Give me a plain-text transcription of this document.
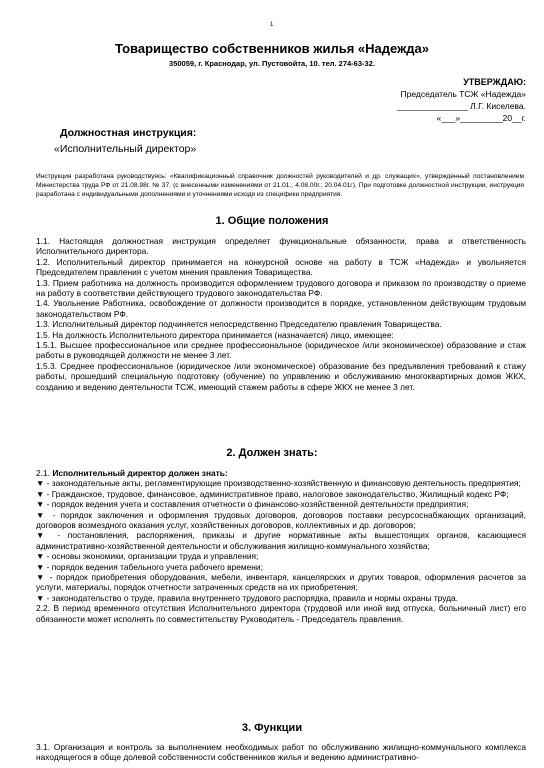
1
Товарищество собственников жилья «Надежда»
350059, г. Краснодар, ул. Пустовойта, 10. тел. 274-63-32.
УТВЕРЖДАЮ:
Председатель ТСЖ «Надежда»
_______________ Л.Г. Киселева.
«___»_________20__г.
Должностная инструкция:
«Исполнительный директор»
Инструкция разработана руководствуясь: «Квалификационный справочник должностей руководителей и др. служащих», утвержденный постановлением Министерства труда РФ от 21.08.98г. № 37. (с внесенными изменениями от 21.01.; 4.08.00г.; 20.04.01г). При подготовке должностной инструкции, инструкция разработана с индивидуальными дополнениями и уточнениями исходя из специфики предприятия.
1. Общие положения

1.1. Настоящая должностная инструкция определяет функциональные обязанности, права и ответственность Исполнительного директора.

1.2. Исполнительный директор принимается на конкурсной основе на работу в ТСЖ «Надежда» и увольняется Председателем правления с учетом мнения правления Товарищества.

1.3. Прием работника на должность производится оформлением трудового договора и приказом по производству о приеме на работу в соответствии действующего трудового законодательства РФ.

1.4. Увольнение Работника, освобождение от должности производится в порядке, установленном действующим трудовым законодательством РФ.

1.3. Исполнительный директор подчиняется непосредственно Председателю правления Товарищества.

1.5. На должность Исполнительного директора принимается (назначается) лицо, имеющее:

1.5.1. Высшее профессиональное или среднее профессиональное (юридическое /или экономическое) образование и стаж работы в руководящей должности не менее 3 лет.

1.5.3. Среднее профессиональное (юридическое /или экономическое) образование без предъявления требований к стажу работы, прошедший специальную подготовку (обучение) по управлению и обслуживанию многоквартирных домов ЖКХ, созданию и ведению деятельности ТСЖ, имеющий стажем работы в сфере ЖКХ не менее 3 лет.

2. Должен знать:

2.1. Исполнительный директор должен знать:

▼ - законодательные акты, регламентирующие производственно-хозяйственную и финансовую деятельность предприятия;

▼ - Гражданское, трудовое, финансовое, административное право, налоговое законодательство, Жилищный кодекс РФ;

▼ - порядок ведения учета и составления отчетности о финансово-хозяйственной деятельности предприятия;

▼ - порядок заключения и оформления трудовых договоров, договоров поставки ресурсоснабжающих организаций, договоров возмездного оказания услуг, хозяйственных договоров, коллективных и др. договоров;

▼ - постановления, распоряжения, приказы и другие нормативные акты вышестоящих органов, касающиеся административно-хозяйственной деятельности и обслуживания жилищно-коммунального хозяйства;

▼ - основы экономики, организации труда и управления;

▼ - порядок ведения табельного учета рабочего времени;

▼ - порядок приобретения оборудования, мебели, инвентаря, канцелярских и других товаров, оформления расчетов за услуги, материалы, порядок отчетности затраченных средств на их приобретения;

▼ - законодательство о труде, правила внутреннего трудового распорядка, правила и нормы охраны труда.

2.2. В период временного отсутствия Исполнительного директора (трудовой или иной вид отпуска, больничный лист) его обязанности может исполнять по совместительству Руководитель - Председатель правления.

3. Функции

3.1. Организация и контроль за выполнением необходимых работ по обслуживанию жилищно-коммунального комплекса находящегося в обще долевой собственности собственников жилья и ведению административно-
